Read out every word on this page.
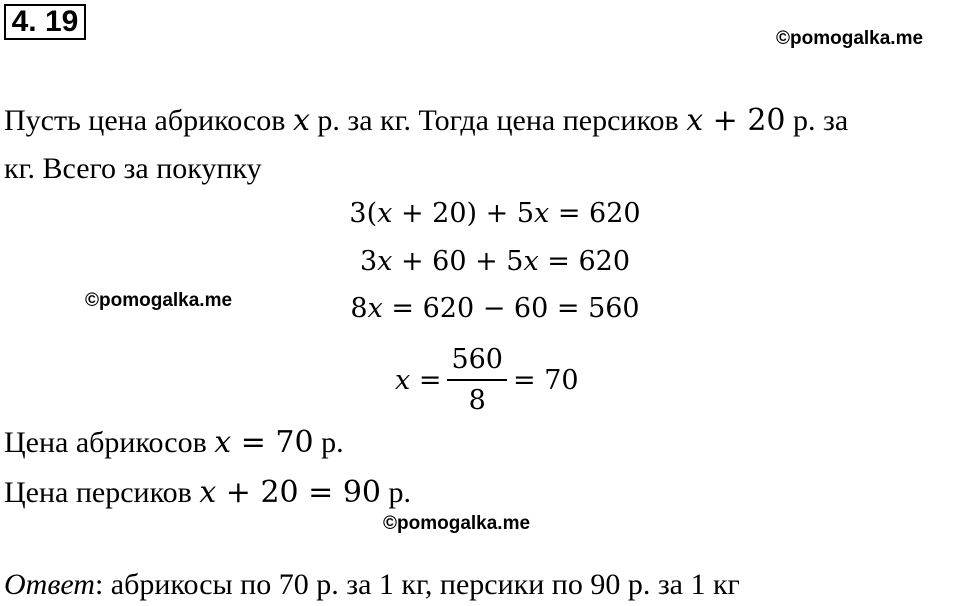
4. 19
©pomogalka.me
Пусть цена абрикосов x р. за кг. Тогда цена персиков x + 20 р. за
кг. Всего за покупку
3(x + 20) + 5x = 620
3x + 60 + 5x = 620
8x = 620 − 60 = 560
©pomogalka.me
$x = \frac{560}{8} = 70$
Цена абрикосов x = 70 р.
Цена персиков x + 20 = 90 р.
©pomogalka.me
Ответ: абрикосы по 70 р. за 1 кг, персики по 90 р. за 1 кг
